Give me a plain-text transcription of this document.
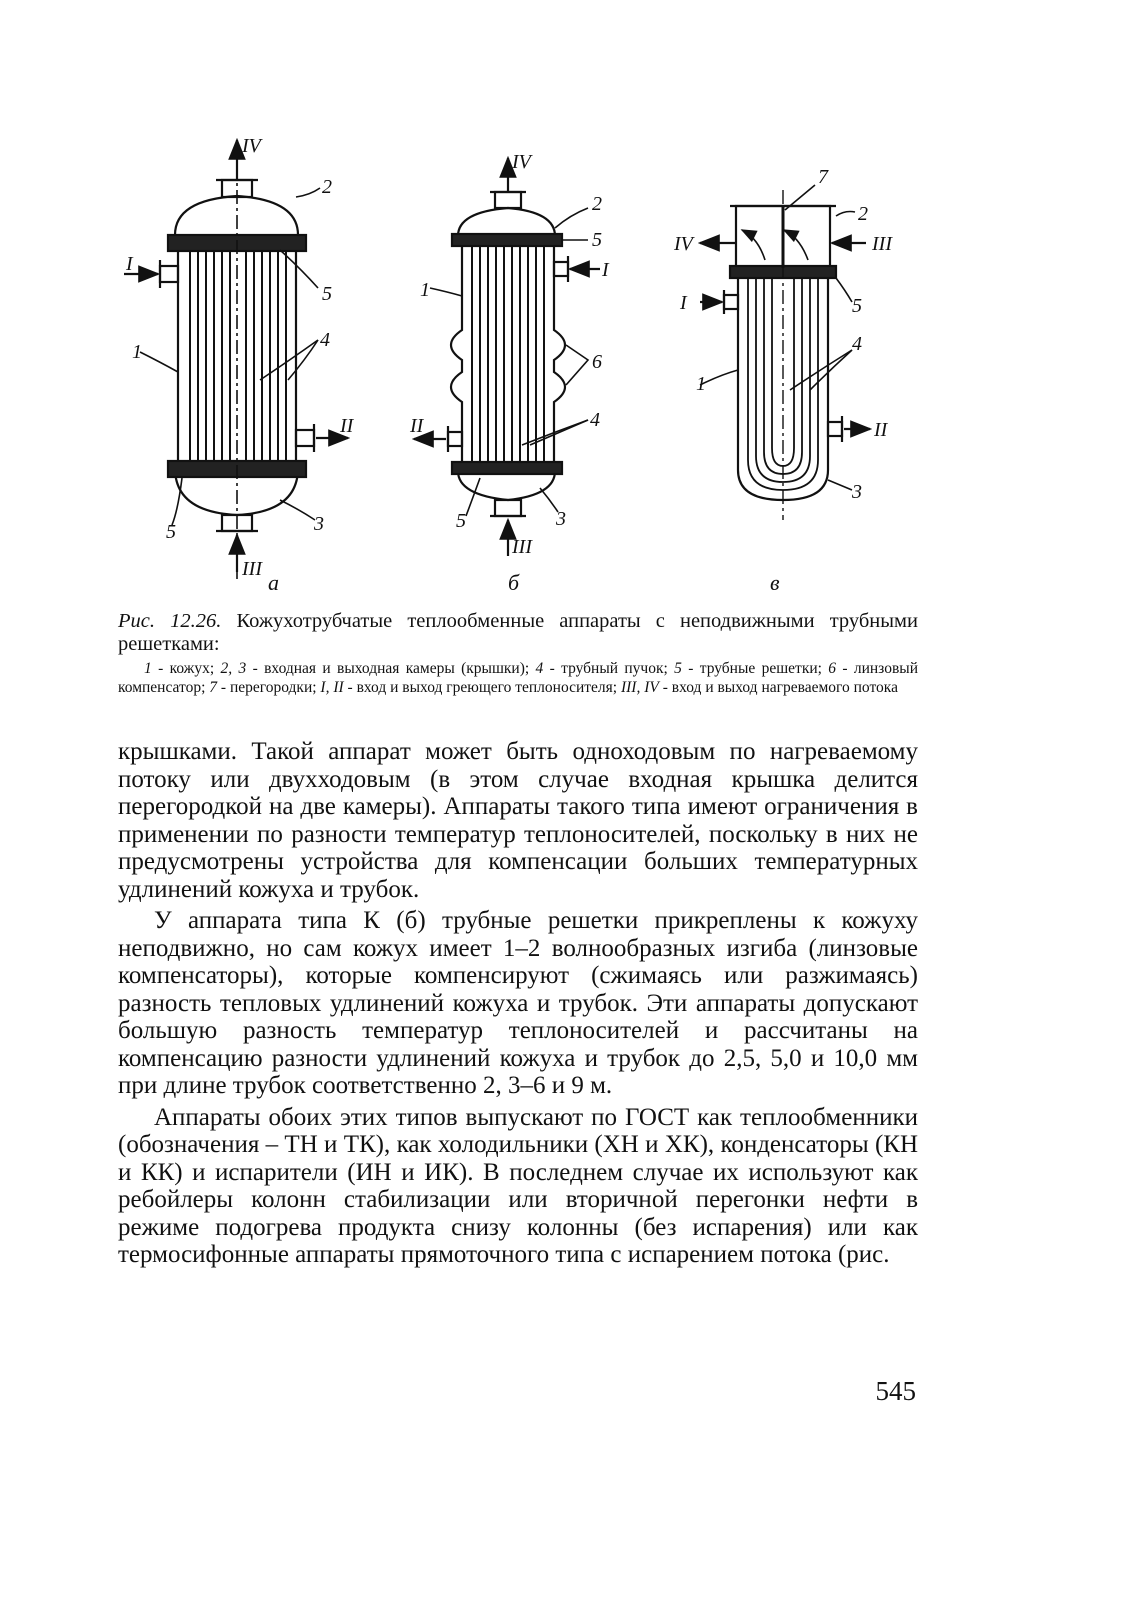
IV
2
I
5
4
1
II
5	3
III
IV
2
5
I
1
6
4
II
5	3
III
7
2
IV	III
I	5
4
1
II
3
а	б	в

Рис. 12.26. Кожухотрубчатые теплообменные аппараты с неподвижными трубными решетками:

1 - кожух; 2, 3 - входная и выходная камеры (крышки); 4 - трубный пучок; 5 - трубные решетки; 6 - линзовый компенсатор; 7 - перегородки; I, II - вход и выход греющего теплоносителя; III, IV - вход и выход нагреваемого потока

крышками. Такой аппарат может быть одноходовым по нагреваемому потоку или двухходовым (в этом случае входная крышка делится перегородкой на две камеры). Аппараты такого типа имеют ограничения в применении по разности температур теплоносителей, поскольку в них не предусмотрены устройства для компенсации больших температурных удлинений кожуха и трубок.

У аппарата типа К (б) трубные решетки прикреплены к кожуху неподвижно, но сам кожух имеет 1–2 волнообразных изгиба (линзовые компенсаторы), которые компенсируют (сжимаясь или разжимаясь) разность тепловых удлинений кожуха и трубок. Эти аппараты допускают большую разность температур теплоносителей и рассчитаны на компенсацию разности удлинений кожуха и трубок до 2,5, 5,0 и 10,0 мм при длине трубок соответственно 2, 3–6 и 9 м.

Аппараты обоих этих типов выпускают по ГОСТ как теплообменники (обозначения – ТН и ТК), как холодильники (ХН и ХК), конденсаторы (КН и КК) и испарители (ИН и ИК). В последнем случае их используют как ребойлеры колонн стабилизации или вторичной перегонки нефти в режиме подогрева продукта снизу колонны (без испарения) или как термосифонные аппараты прямоточного типа с испарением потока (рис.

545
